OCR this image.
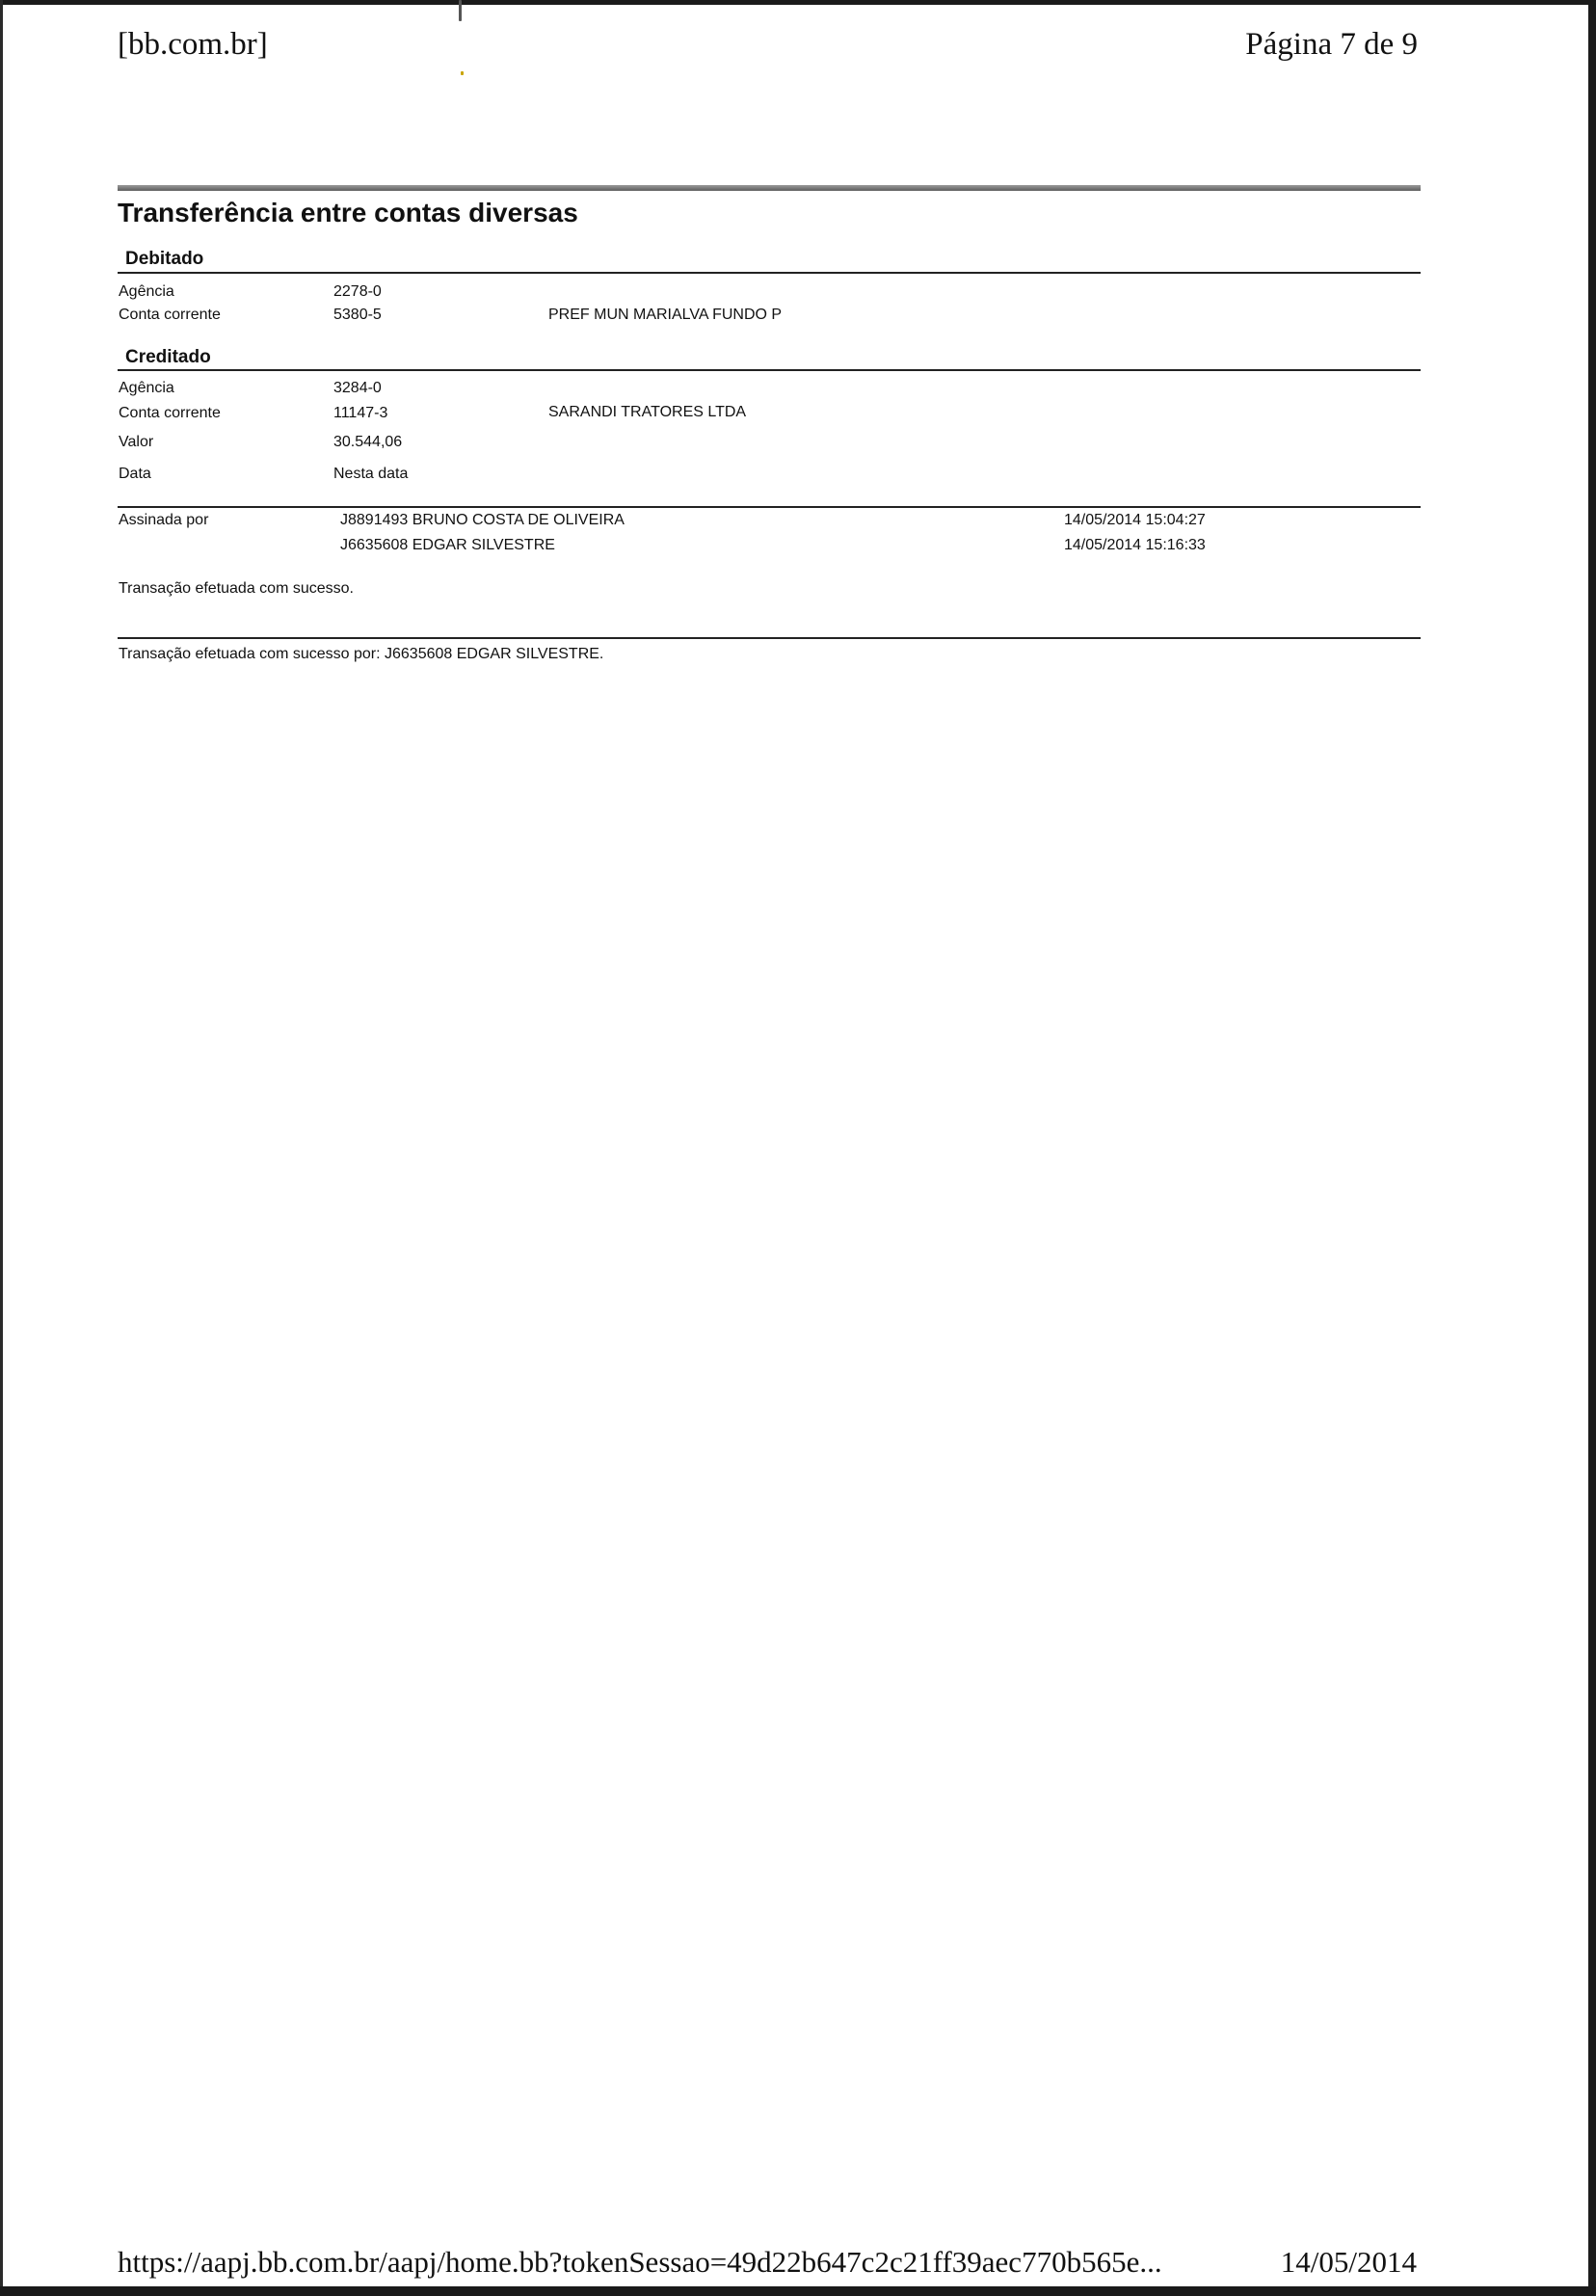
[bb.com.br]	Página 7 de 9
Transferência entre contas diversas
Debitado
Agência	2278-0
Conta corrente	5380-5	PREF MUN MARIALVA FUNDO P
Creditado
Agência	3284-0
Conta corrente	11147-3	SARANDI TRATORES LTDA
Valor	30.544,06
Data	Nesta data
Assinada por	J8891493 BRUNO COSTA DE OLIVEIRA	14/05/2014 15:04:27
J6635608 EDGAR SILVESTRE	14/05/2014 15:16:33
Transação efetuada com sucesso.
Transação efetuada com sucesso por: J6635608 EDGAR SILVESTRE.
https://aapj.bb.com.br/aapj/home.bb?tokenSessao=49d22b647c2c21ff39aec770b565e...	14/05/2014
